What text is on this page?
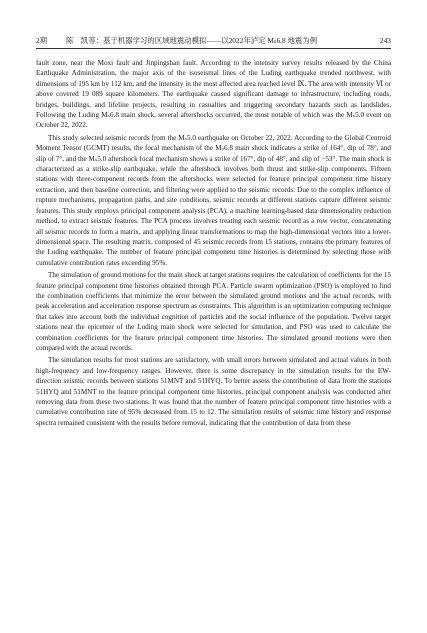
2期	陈　凯等：基于机器学习的区域地震动模拟——以2022年泸定 Mₛ6.8 地震为例	243

fault zone, near the Moxi fault and Jinpingshan fault. According to the intensity survey results released by the China Earthquake Administration, the major axis of the isoseismal lines of the Luding earthquake trended northwest, with dimensions of 195 km by 112 km, and the intensity in the most affected area reached level Ⅸ. The area with intensity Ⅵ or above covered 19 089 square kilometers. The earthquake caused significant damage to infrastructure, including roads, bridges, buildings, and lifeline projects, resulting in casualties and triggering secondary hazards such as landslides. Following the Luding Mₛ6.8 main shock, several aftershocks occurred, the most notable of which was the Mₛ5.0 event on October 22, 2022.

This study selected seismic records from the Mₛ5.0 earthquake on October 22, 2022. According to the Global Centroid Moment Tensor (GCMT) results, the focal mechanism of the Mₛ6.8 main shock indicates a strike of 164°, dip of 78°, and slip of 7°, and the Mₛ5.0 aftershock focal mechanism shows a strike of 167°, dip of 48°, and slip of −53°. The main shock is characterized as a strike-slip earthquake, while the aftershock involves both thrust and strike-slip components. Fifteen stations with three-component records from the aftershocks were selected for feature principal component time history extraction, and then baseline correction, and filtering were applied to the seismic records. Due to the complex influence of rupture mechanisms, propagation paths, and site conditions, seismic records at different stations capture different seismic features. This study employs principal component analysis (PCA), a machine learning-based data dimensionality reduction method, to extract seismic features. The PCA process involves treating each seismic record as a row vector, concatenating all seismic records to form a matrix, and applying linear transformations to map the high-dimensional vectors into a lower-dimensional space. The resulting matrix, composed of 45 seismic records from 15 stations, contains the primary features of the Luding earthquake. The number of feature principal component time histories is determined by selecting those with cumulative contribution rates exceeding 95%.

The simulation of ground motions for the main shock at target stations requires the calculation of coefficients for the 15 feature principal component time histories obtained through PCA. Particle swarm optimization (PSO) is employed to find the combination coefficients that minimize the error between the simulated ground motions and the actual records, with peak acceleration and acceleration response spectrum as constraints. This algorithm is an optimization computing technique that takes into account both the individual cognition of particles and the social influence of the population. Twelve target stations near the epicenter of the Luding main shock were selected for simulation, and PSO was used to calculate the combination coefficients for the feature principal component time histories. The simulated ground motions were then compared with the actual records.

The simulation results for most stations are satisfactory, with small errors between simulated and actual values in both high-frequency and low-frequency ranges. However, there is some discrepancy in the simulation results for the EW-direction seismic records between stations 51MNT and 51HYQ. To better assess the contribution of data from the stations 51HYQ and 51MNT to the feature principal component time histories, principal component analysis was conducted after removing data from these two stations. It was found that the number of feature principal component time histories with a cumulative contribution rate of 95% decreased from 15 to 12. The simulation results of seismic time history and response spectra remained consistent with the results before removal, indicating that the contribution of data from these
